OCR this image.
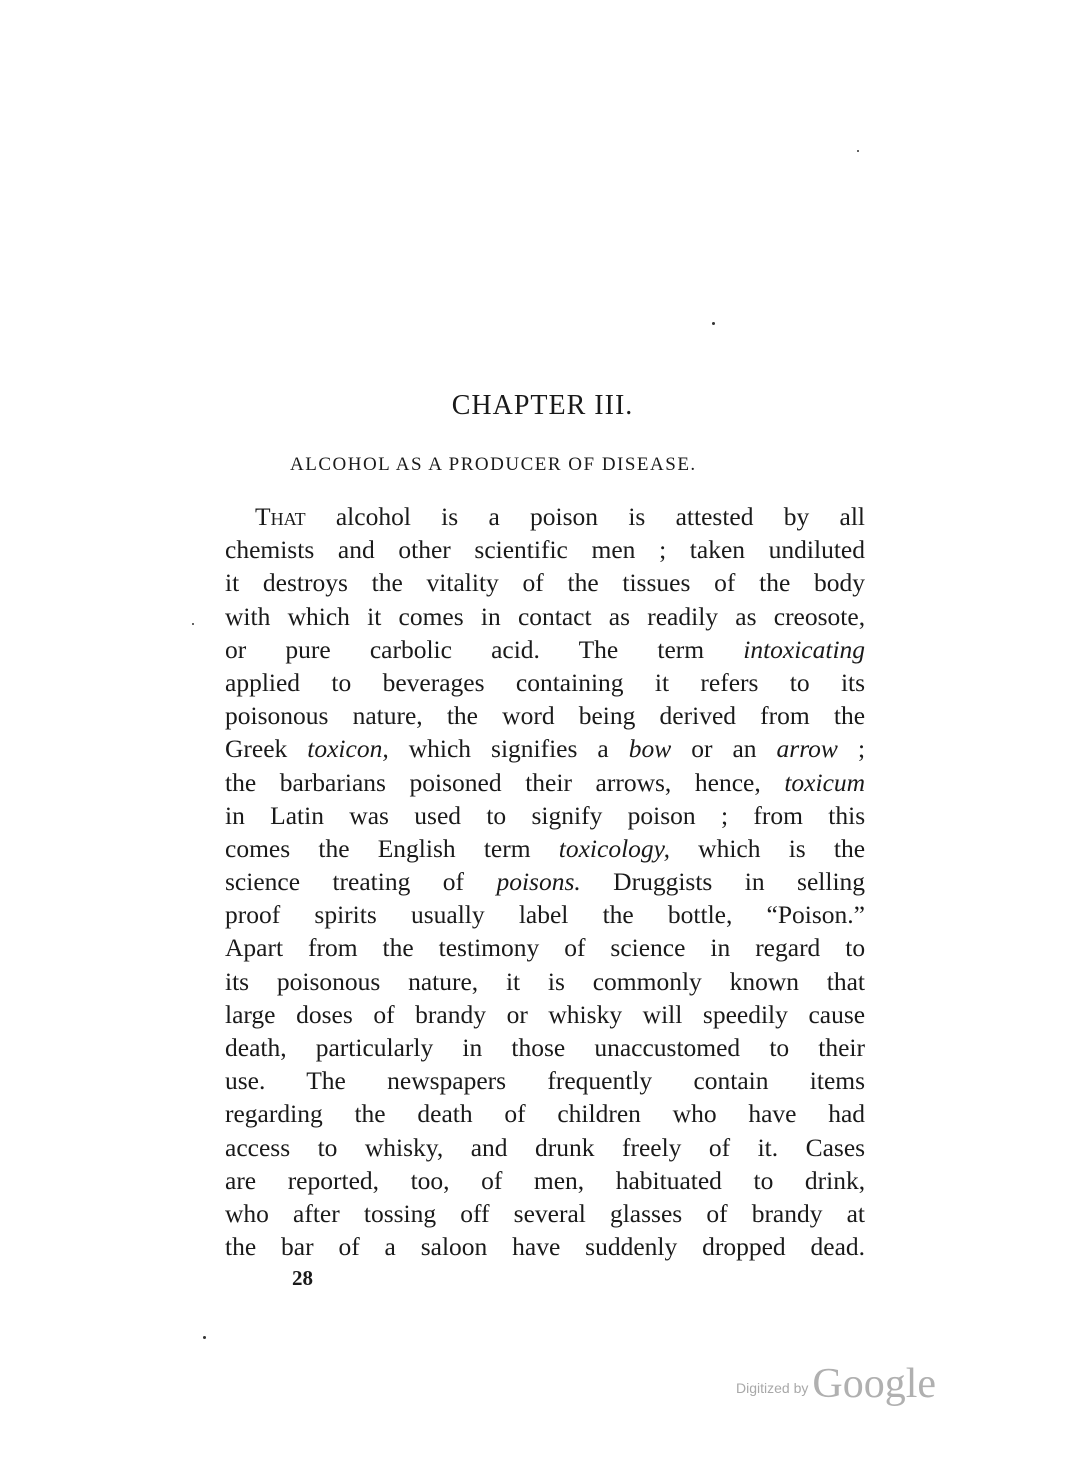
CHAPTER III.
ALCOHOL AS A PRODUCER OF DISEASE.
That alcohol is a poison is attested by all
chemists and other scientific men ; taken undiluted
it destroys the vitality of the tissues of the body
with which it comes in contact as readily as creosote,
or pure carbolic acid. The term intoxicating
applied to beverages containing it refers to its
poisonous nature, the word being derived from the
Greek toxicon, which signifies a bow or an arrow ;
the barbarians poisoned their arrows, hence, toxicum
in Latin was used to signify poison ; from this
comes the English term toxicology, which is the
science treating of poisons. Druggists in selling
proof spirits usually label the bottle, “Poison.”
Apart from the testimony of science in regard to
its poisonous nature, it is commonly known that
large doses of brandy or whisky will speedily cause
death, particularly in those unaccustomed to their
use. The newspapers frequently contain items
regarding the death of children who have had
access to whisky, and drunk freely of it. Cases
are reported, too, of men, habituated to drink,
who after tossing off several glasses of brandy at
the bar of a saloon have suddenly dropped dead.
28
Digitized by Google
